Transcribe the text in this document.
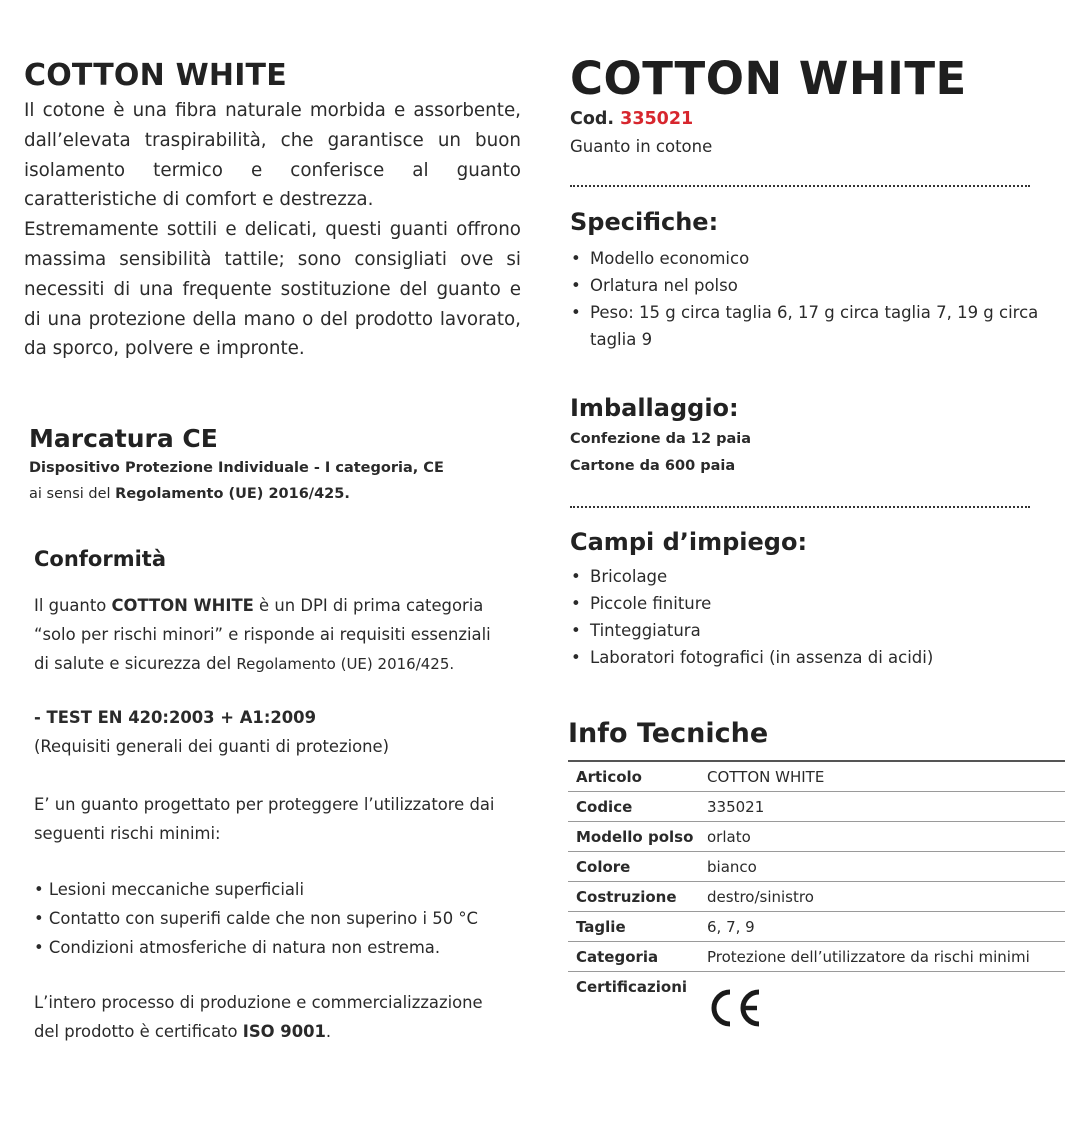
COTTON WHITE

Il cotone è una fibra naturale morbida e assorbente, dall’elevata traspirabilità, che garantisce un buon isolamento termico e conferisce al guanto caratteristiche di comfort e destrezza.

Estremamente sottili e delicati, questi guanti offrono massima sensibilità tattile; sono consigliati ove si necessiti di una frequente sostituzione del guanto e di una protezione della mano o del prodotto lavorato, da sporco, polvere e impronte.

Marcatura CE
Dispositivo Protezione Individuale - I categoria, CE
ai sensi del Regolamento (UE) 2016/425.
Conformità
Il guanto COTTON WHITE è un DPI di prima categoria
“solo per rischi minori” e risponde ai requisiti essenziali
di salute e sicurezza del Regolamento (UE) 2016/425.
- TEST EN 420:2003 + A1:2009
(Requisiti generali dei guanti di protezione)
E’ un guanto progettato per proteggere l’utilizzatore dai
seguenti rischi minimi:
• Lesioni meccaniche superficiali
• Contatto con superifi calde che non superino i 50 °C
• Condizioni atmosferiche di natura non estrema.
L’intero processo di produzione e commercializzazione
del prodotto è certificato ISO 9001.
COTTON WHITE
Cod. 335021
Guanto in cotone
Specifiche:
• Modello economico
• Orlatura nel polso
• Peso: 15 g circa taglia 6, 17 g circa taglia 7, 19 g circa taglia 9
Imballaggio:
Confezione da 12 paia
Cartone da 600 paia
Campi d’impiego:
• Bricolage
• Piccole finiture
• Tinteggiatura
• Laboratori fotografici (in assenza di acidi)
Info Tecniche
Articolo	COTTON WHITE
Codice	335021
Modello polso	orlato
Colore	bianco
Costruzione	destro/sinistro
Taglie	6, 7, 9
Categoria	Protezione dell’utilizzatore da rischi minimi
Certificazioni	
